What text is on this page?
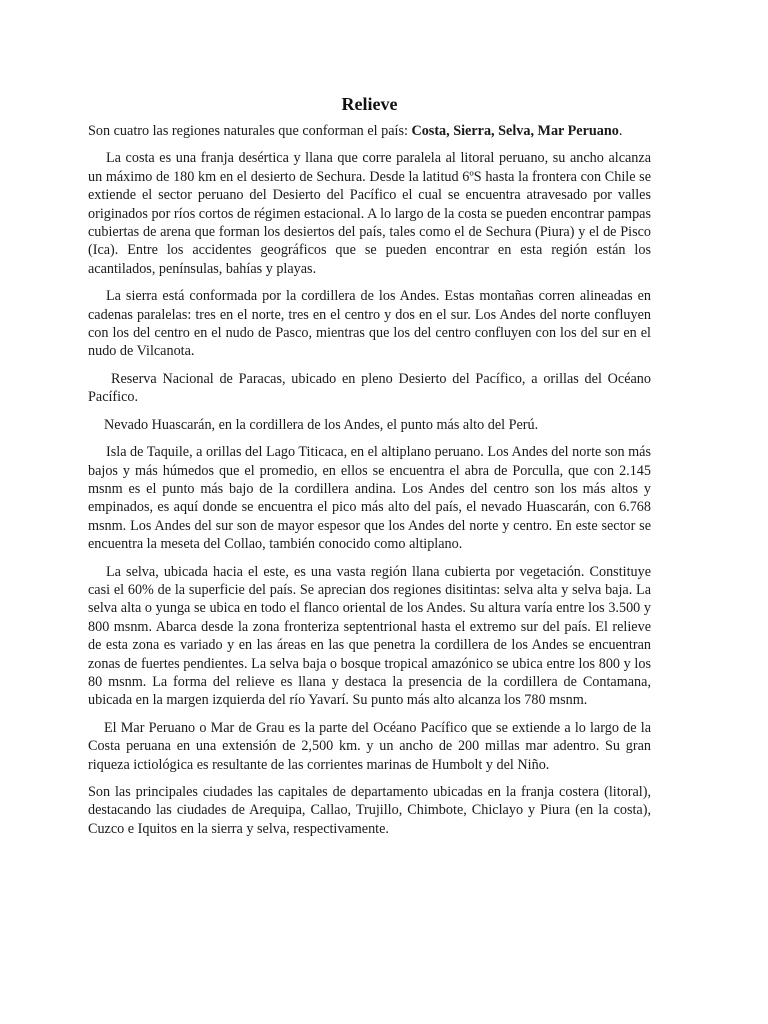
Relieve

Son cuatro las regiones naturales que conforman el país: Costa, Sierra, Selva, Mar Peruano.

La costa es una franja desértica y llana que corre paralela al litoral peruano, su ancho alcanza un máximo de 180 km en el desierto de Sechura. Desde la latitud 6ºS hasta la frontera con Chile se extiende el sector peruano del Desierto del Pacífico el cual se encuentra atravesado por valles originados por ríos cortos de régimen estacional. A lo largo de la costa se pueden encontrar pampas cubiertas de arena que forman los desiertos del país, tales como el de Sechura (Piura) y el de Pisco (Ica). Entre los accidentes geográficos que se pueden encontrar en esta región están los acantilados, penínsulas, bahías y playas.

La sierra está conformada por la cordillera de los Andes. Estas montañas corren alineadas en cadenas paralelas: tres en el norte, tres en el centro y dos en el sur. Los Andes del norte confluyen con los del centro en el nudo de Pasco, mientras que los del centro confluyen con los del sur en el nudo de Vilcanota.

Reserva Nacional de Paracas, ubicado en pleno Desierto del Pacífico, a orillas del Océano Pacífico.

Nevado Huascarán, en la cordillera de los Andes, el punto más alto del Perú.

Isla de Taquile, a orillas del Lago Titicaca, en el altiplano peruano. Los Andes del norte son más bajos y más húmedos que el promedio, en ellos se encuentra el abra de Porculla, que con 2.145 msnm es el punto más bajo de la cordillera andina. Los Andes del centro son los más altos y empinados, es aquí donde se encuentra el pico más alto del país, el nevado Huascarán, con 6.768 msnm. Los Andes del sur son de mayor espesor que los Andes del norte y centro. En este sector se encuentra la meseta del Collao, también conocido como altiplano.

La selva, ubicada hacia el este, es una vasta región llana cubierta por vegetación. Constituye casi el 60% de la superficie del país. Se aprecian dos regiones disitintas: selva alta y selva baja. La selva alta o yunga se ubica en todo el flanco oriental de los Andes. Su altura varía entre los 3.500 y 800 msnm. Abarca desde la zona fronteriza septentrional hasta el extremo sur del país. El relieve de esta zona es variado y en las áreas en las que penetra la cordillera de los Andes se encuentran zonas de fuertes pendientes. La selva baja o bosque tropical amazónico se ubica entre los 800 y los 80 msnm. La forma del relieve es llana y destaca la presencia de la cordillera de Contamana, ubicada en la margen izquierda del río Yavarí. Su punto más alto alcanza los 780 msnm.

El Mar Peruano o Mar de Grau es la parte del Océano Pacífico que se extiende a lo largo de la Costa peruana en una extensión de 2,500 km. y un ancho de 200 millas mar adentro. Su gran riqueza ictiológica es resultante de las corrientes marinas de Humbolt y del Niño.

Son las principales ciudades las capitales de departamento ubicadas en la franja costera (litoral), destacando las ciudades de Arequipa, Callao, Trujillo, Chimbote, Chiclayo y Piura (en la costa), Cuzco e Iquitos en la sierra y selva, respectivamente.
